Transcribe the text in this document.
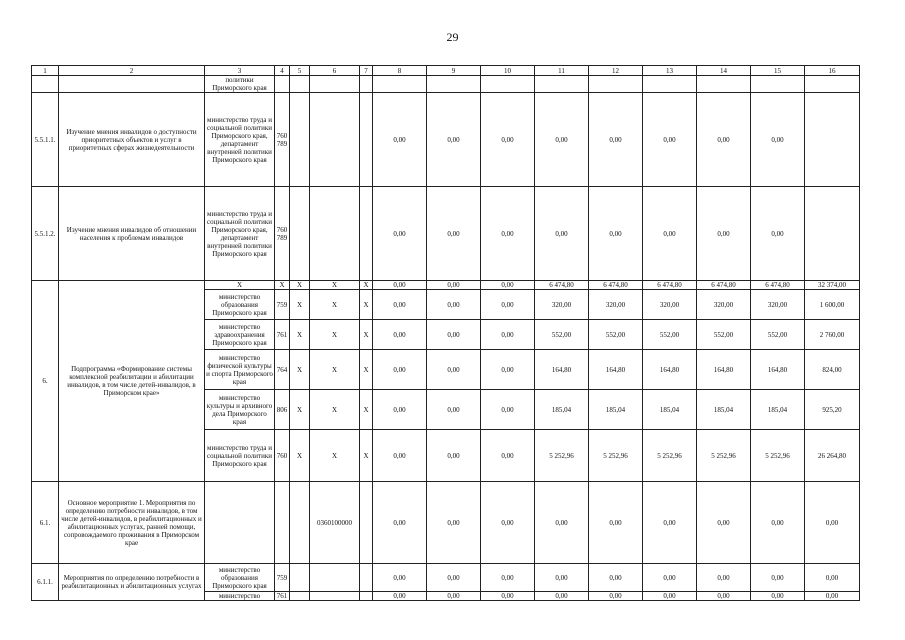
29
1	2	3	4	5	6	7	8	9	10	11	12	13	14	15	16
		политики Приморского края													
5.5.1.1.	Изучение мнения инвалидов о доступности приоритетных объектов и услуг в приоритетных сферах жизнедеятельности	министерство труда и социальной политики Приморского края, департамент внутренней политики Приморского края	760 789				0,00	0,00	0,00	0,00	0,00	0,00	0,00	0,00	
5.5.1.2.	Изучение мнения инвалидов об отношении населения к проблемам инвалидов	министерство труда и социальной политики Приморского края, департамент внутренней политики Приморского края	760 789				0,00	0,00	0,00	0,00	0,00	0,00	0,00	0,00	
6.	Подпрограмма «Формирование системы комплексной реабилитации и абилитации инвалидов, в том числе детей-инвалидов, в Приморском крае»	X	X	X	X	X	0,00	0,00	0,00	6 474,80	6 474,80	6 474,80	6 474,80	6 474,80	32 374,00
		министерство образования Приморского края	759	X	X	X	0,00	0,00	0,00	320,00	320,00	320,00	320,00	320,00	1 600,00
		министерство здравоохранения Приморского края	761	X	X	X	0,00	0,00	0,00	552,00	552,00	552,00	552,00	552,00	2 760,00
		министерство физической культуры и спорта Приморского края	764	X	X	X	0,00	0,00	0,00	164,80	164,80	164,80	164,80	164,80	824,00
		министерство культуры и архивного дела Приморского края	806	X	X	X	0,00	0,00	0,00	185,04	185,04	185,04	185,04	185,04	925,20
		министерство труда и социальной политики Приморского края	760	X	X	X	0,00	0,00	0,00	5 252,96	5 252,96	5 252,96	5 252,96	5 252,96	26 264,80
6.1.	Основное мероприятие 1. Мероприятия по определению потребности инвалидов, в том числе детей-инвалидов, в реабилитационных и абилитационных услугах, ранней помощи, сопровождаемого проживания в Приморском крае				0360100000		0,00	0,00	0,00	0,00	0,00	0,00	0,00	0,00	0,00
6.1.1.	Мероприятия по определению потребности в реабилитационных и абилитационных услугах	министерство образования Приморского края	759				0,00	0,00	0,00	0,00	0,00	0,00	0,00	0,00	0,00
		министерство	761				0,00	0,00	0,00	0,00	0,00	0,00	0,00	0,00	0,00
